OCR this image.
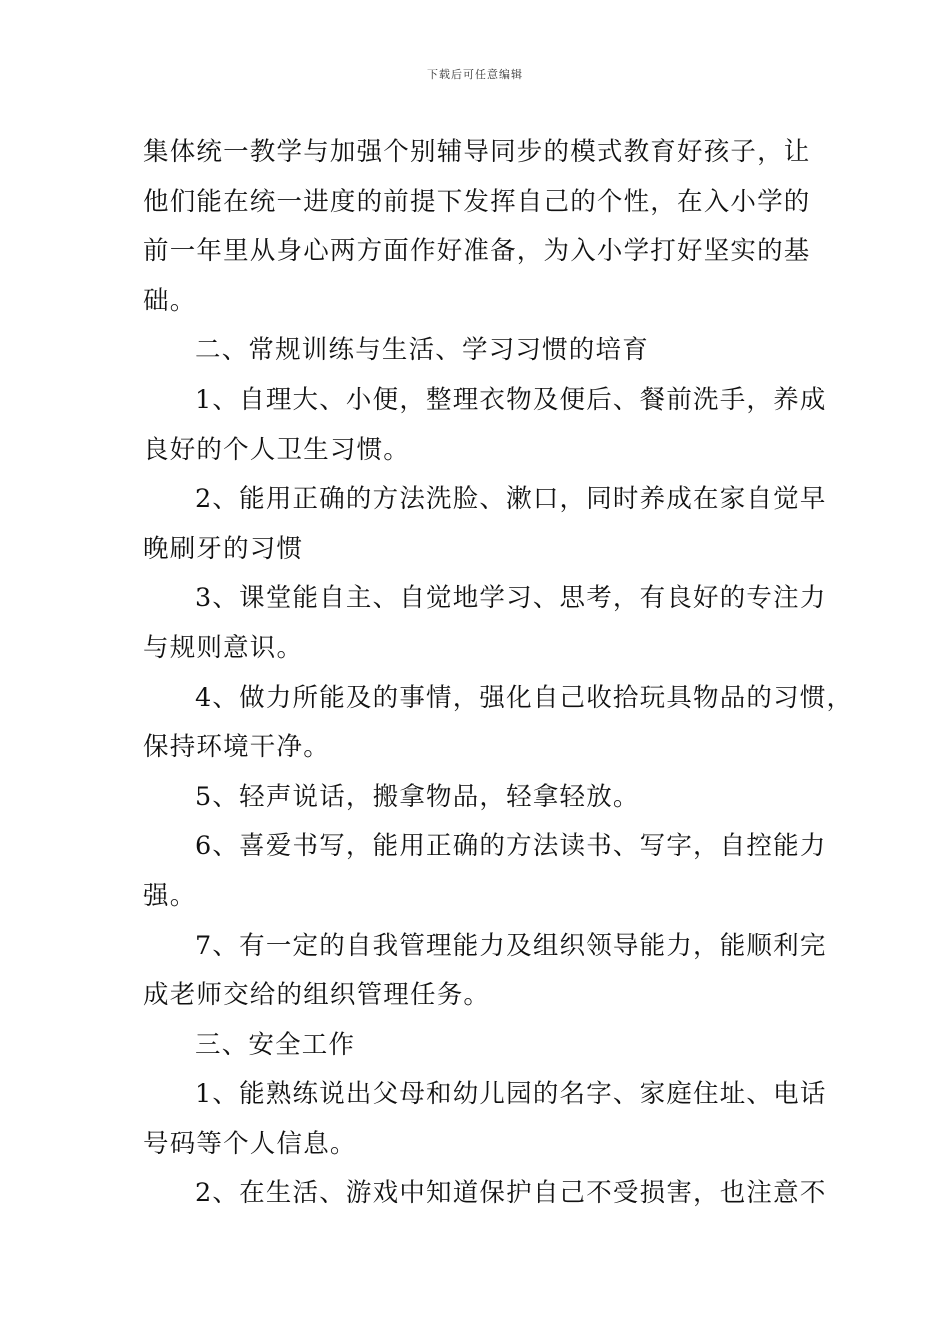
下载后可任意编辑

集体统一教学与加强个别辅导同步的模式教育好孩子，让

他们能在统一进度的前提下发挥自己的个性，在入小学的

前一年里从身心两方面作好准备，为入小学打好坚实的基

础。

二、常规训练与生活、学习习惯的培育

1、自理大、小便，整理衣物及便后、餐前洗手，养成

良好的个人卫生习惯。

2、能用正确的方法洗脸、漱口，同时养成在家自觉早

晚刷牙的习惯

3、课堂能自主、自觉地学习、思考，有良好的专注力

与规则意识。

4、做力所能及的事情，强化自己收拾玩具物品的习惯，

保持环境干净。

5、轻声说话，搬拿物品，轻拿轻放。

6、喜爱书写，能用正确的方法读书、写字，自控能力

强。

7、有一定的自我管理能力及组织领导能力，能顺利完

成老师交给的组织管理任务。

三、安全工作

1、能熟练说出父母和幼儿园的名字、家庭住址、电话

号码等个人信息。

2、在生活、游戏中知道保护自己不受损害，也注意不
